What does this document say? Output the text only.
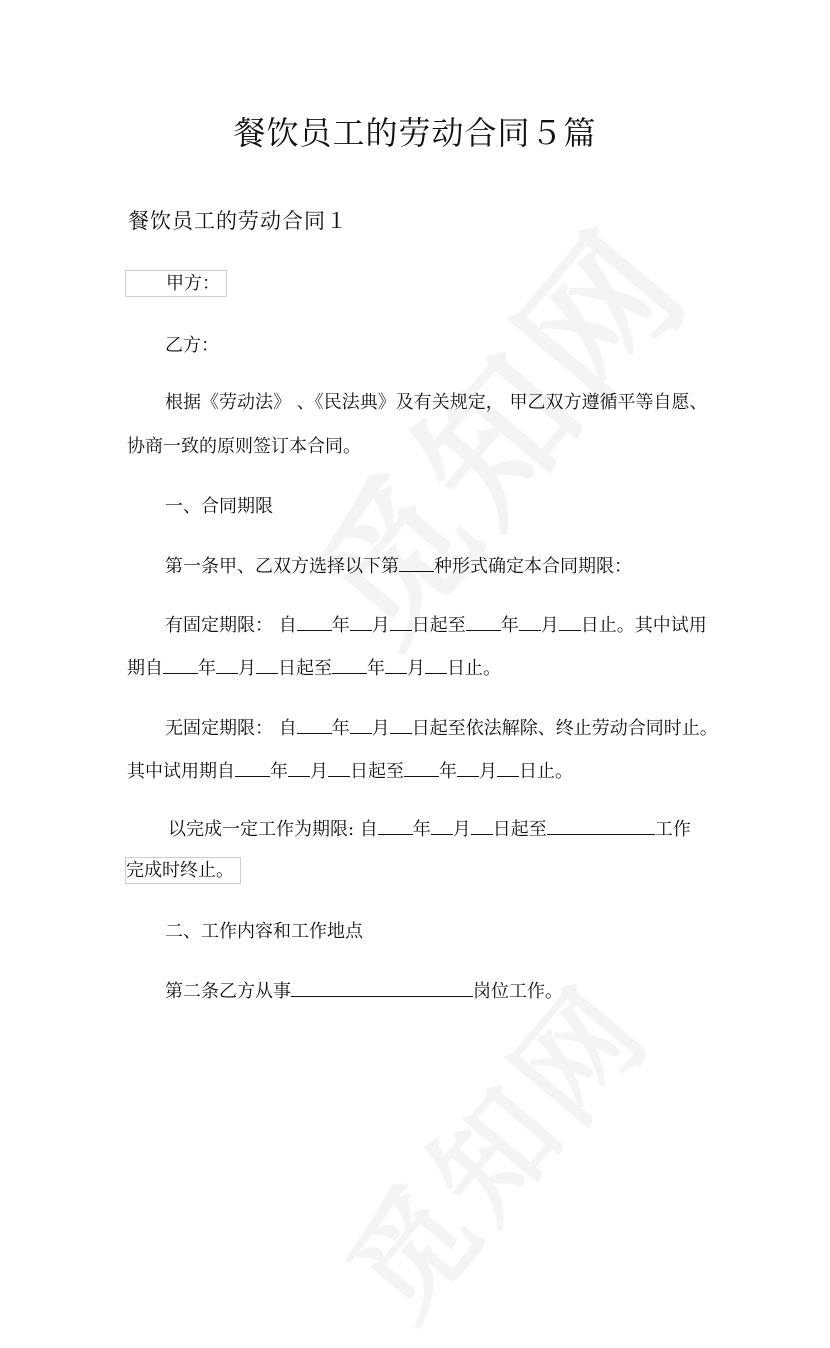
餐饮员工的劳动合同５篇
餐饮员工的劳动合同１
甲方：
乙方：
根据《劳动法》 、《民法典》及有关规定， 甲乙双方遵循平等自愿、
协商一致的原则签订本合同。
一、合同期限
第一条甲、乙双方选择以下第 种形式确定本合同期限：
有固定期限： 自 年 月 日起至 年 月 日止。其中试用
期自 年 月 日起至 年 月 日止。
无固定期限： 自 年 月 日起至依法解除、终止劳动合同时止。
其中试用期自 年 月 日起至 年 月 日止。
以完成一定工作为期限: 自 年 月 日起至	工作
完成时终止。
二、工作内容和工作地点
第二条乙方从事	岗位工作。
